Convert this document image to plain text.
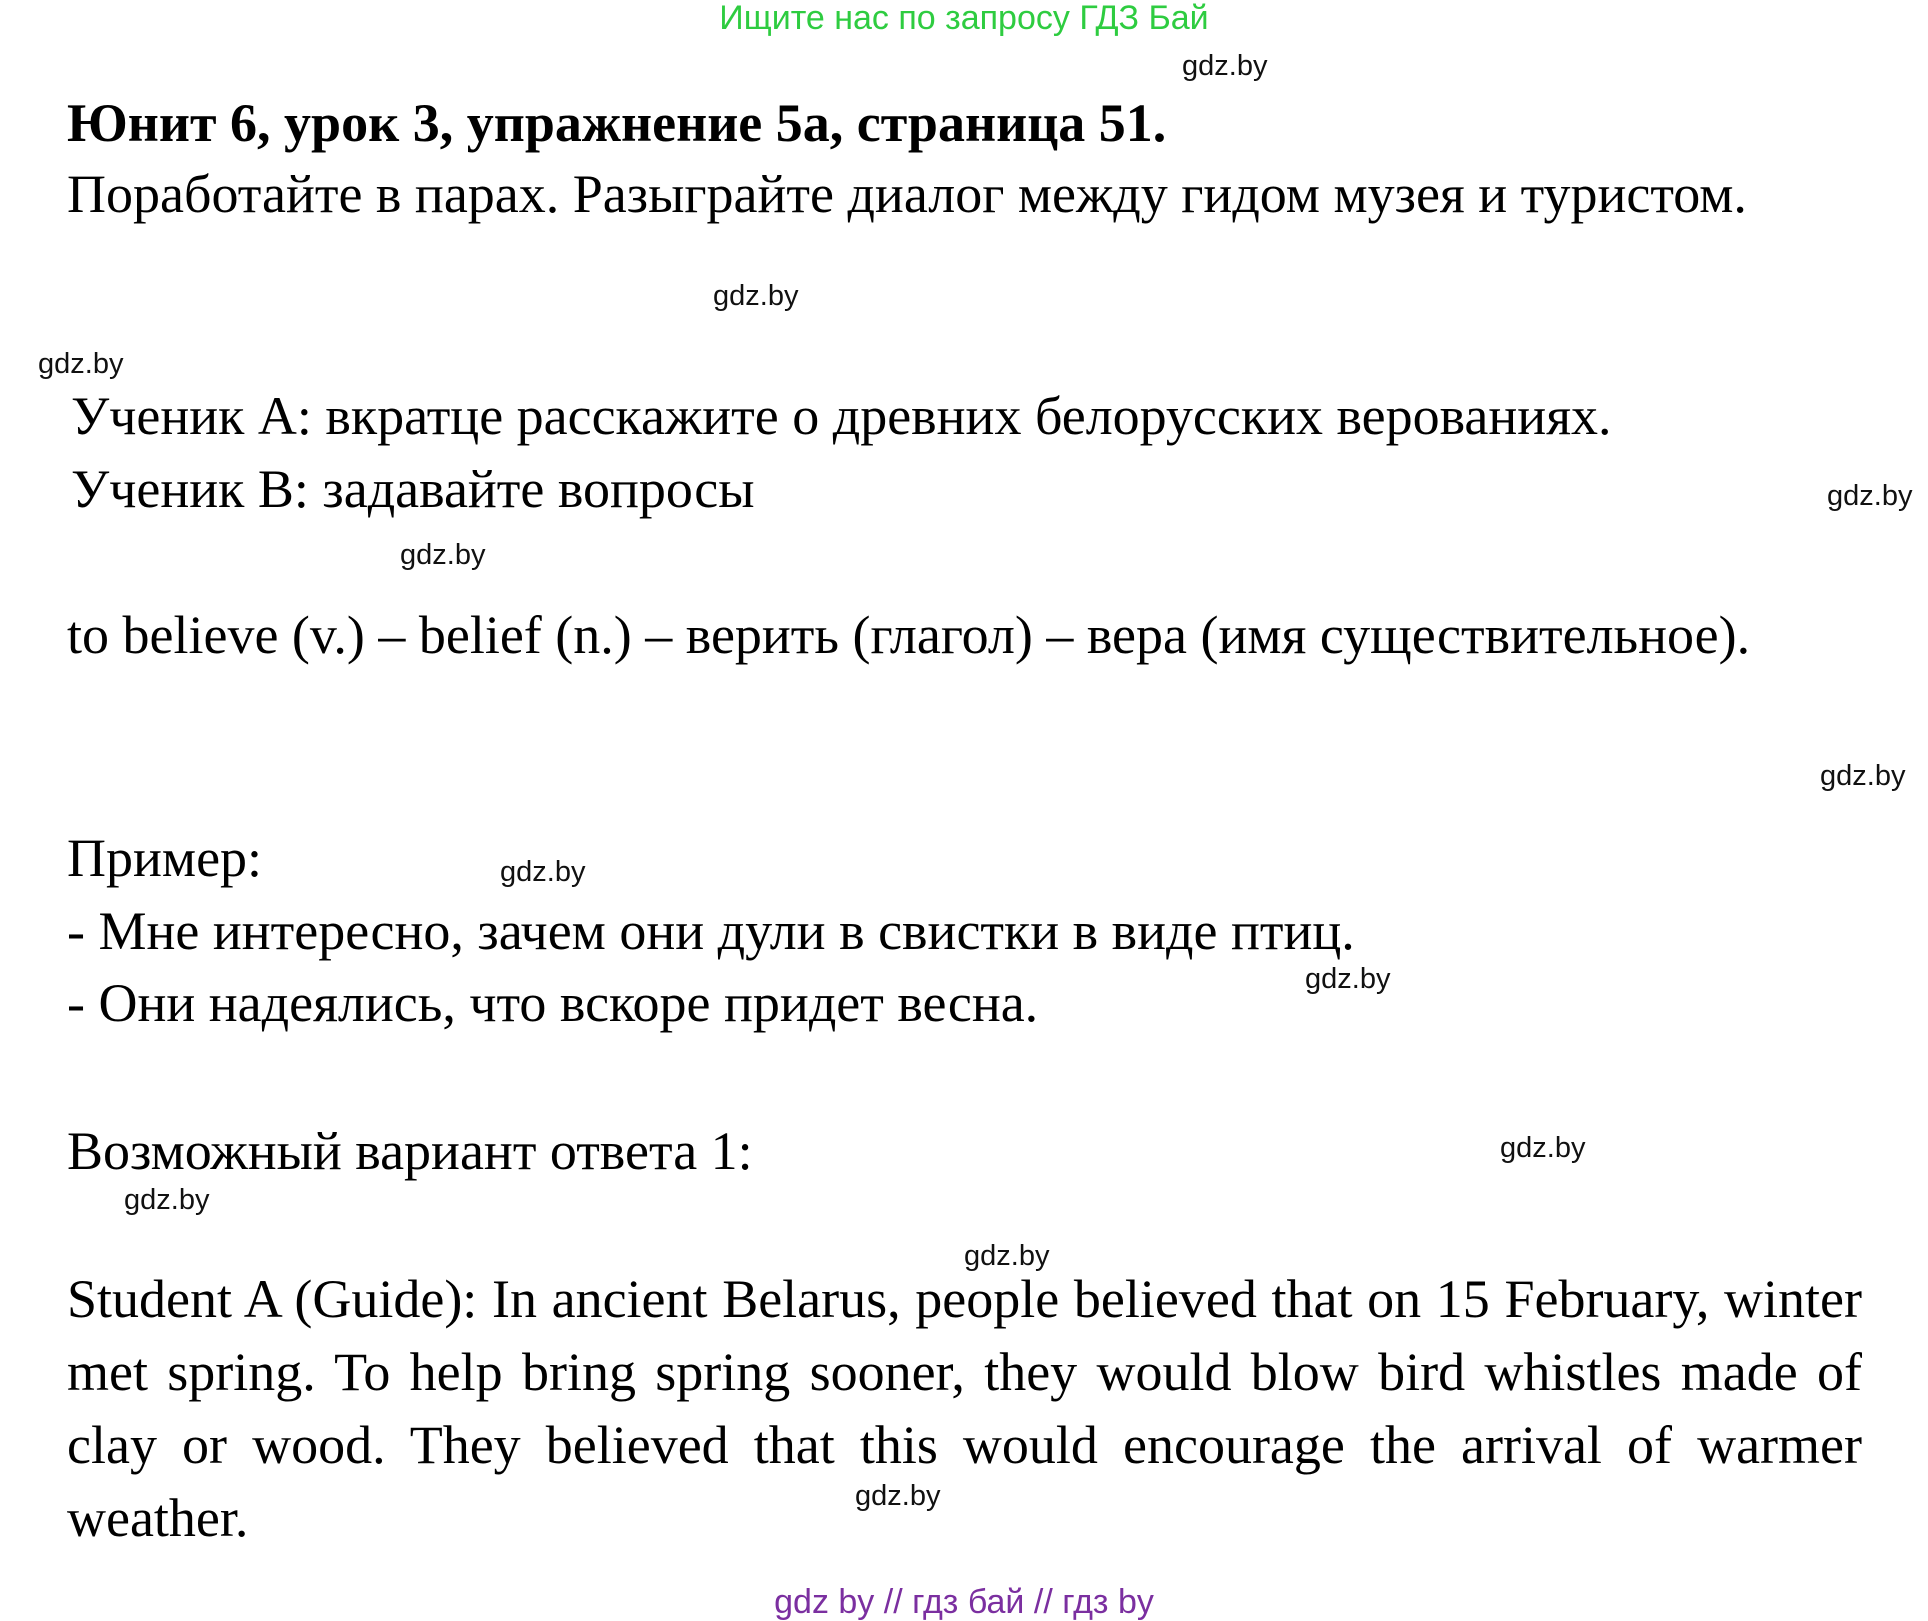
Ищите нас по запросу ГДЗ Бай
gdz.by
Юнит 6, урок 3, упражнение 5а, страница 51.
Поработайте в парах. Разыграйте диалог между гидом музея и туристом.
gdz.by
gdz.by
Ученик A: вкратце расскажите о древних белорусских верованиях.
Ученик B: задавайте вопросы	gdz.by
gdz.by
to believe (v.) – belief (n.) – верить (глагол) – вера (имя существительное).
gdz.by
Пример:	gdz.by
- Мне интересно, зачем они дули в свистки в виде птиц.
- Они надеялись, что вскоре придет весна.	gdz.by
Возможный вариант ответа 1:	gdz.by
gdz.by
gdz.by
Student A (Guide): In ancient Belarus, people believed that on 15 February, winter met spring. To help bring spring sooner, they would blow bird whistles made of clay or wood. They believed that this would encourage the arrival of warmer weather.	gdz.by
gdz by // гдз бай // гдз by
